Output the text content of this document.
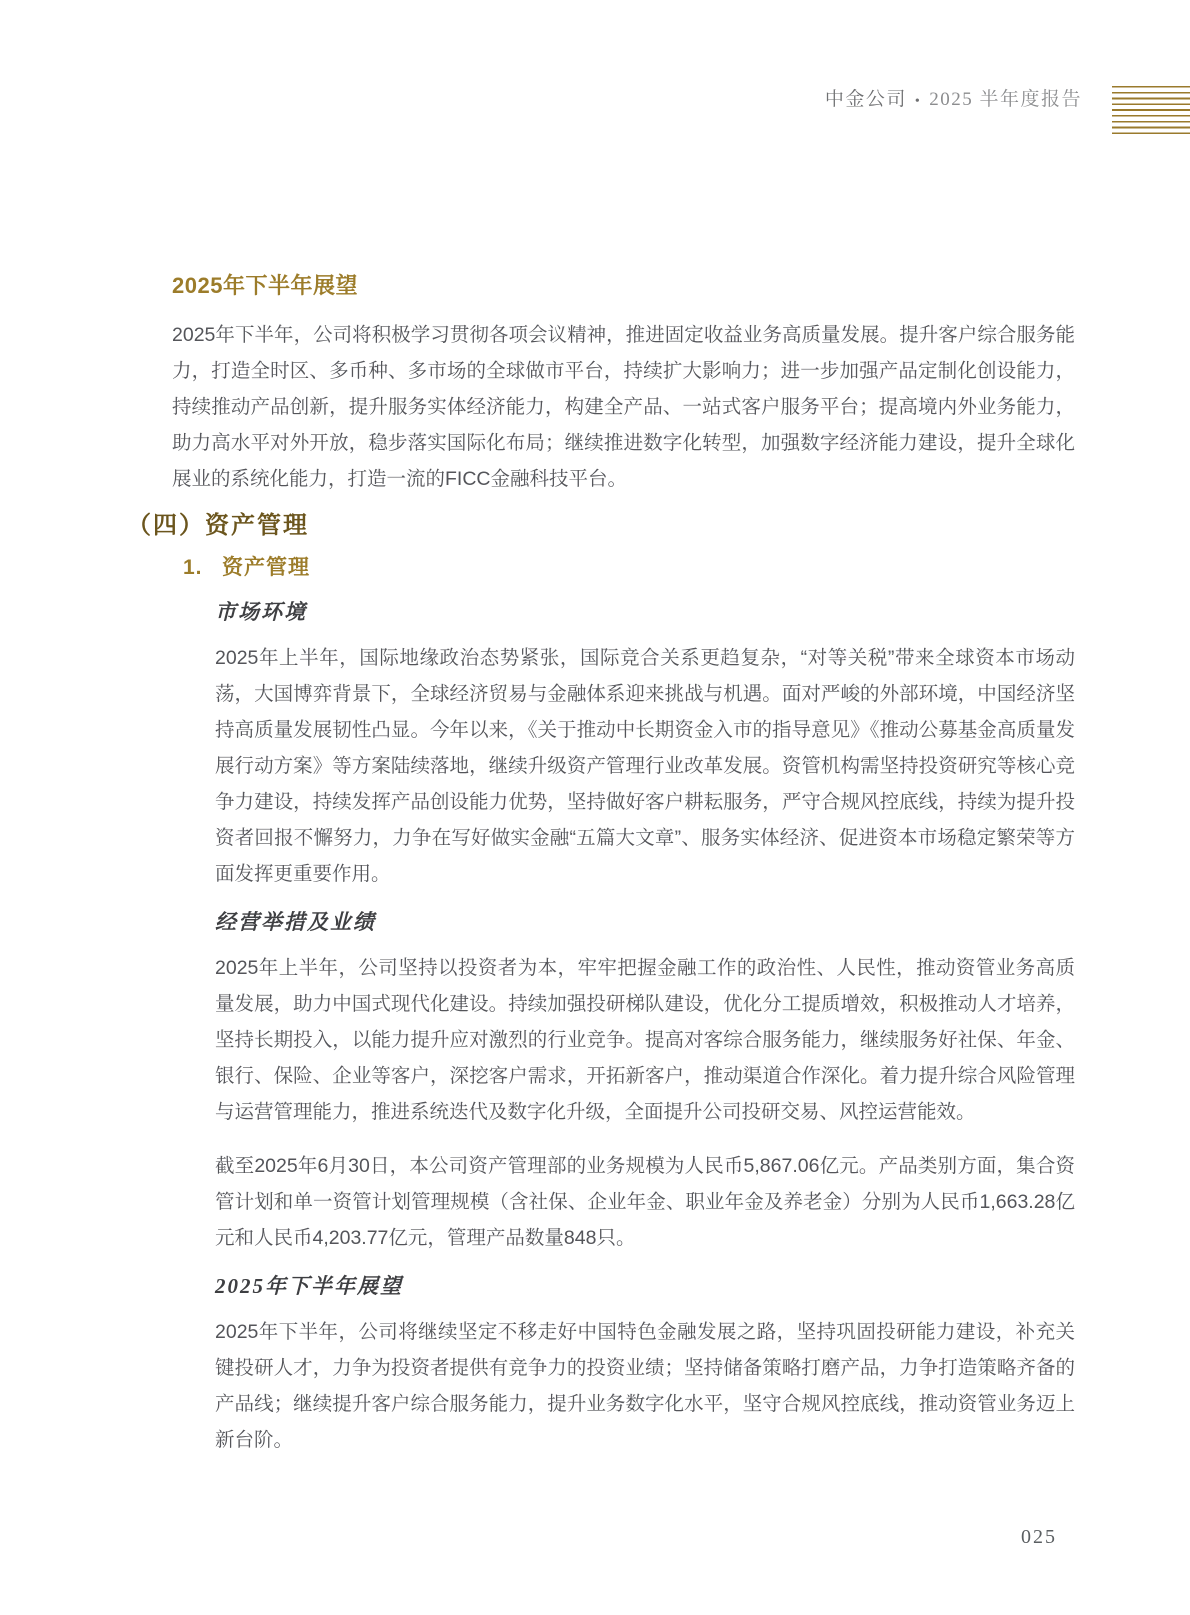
中金公司 • 2025 半年度报告
2025年下半年展望

2025年下半年，公司将积极学习贯彻各项会议精神，推进固定收益业务高质量发展。提升客户综合服务能力，打造全时区、多币种、多市场的全球做市平台，持续扩大影响力；进一步加强产品定制化创设能力，持续推动产品创新，提升服务实体经济能力，构建全产品、一站式客户服务平台；提高境内外业务能力，助力高水平对外开放，稳步落实国际化布局；继续推进数字化转型，加强数字经济能力建设，提升全球化展业的系统化能力，打造一流的FICC金融科技平台。

（四）资产管理
1. 资产管理
市场环境

2025年上半年，国际地缘政治态势紧张，国际竞合关系更趋复杂，“对等关税”带来全球资本市场动荡，大国博弈背景下，全球经济贸易与金融体系迎来挑战与机遇。面对严峻的外部环境，中国经济坚持高质量发展韧性凸显。今年以来，《关于推动中长期资金入市的指导意见》《推动公募基金高质量发展行动方案》等方案陆续落地，继续升级资产管理行业改革发展。资管机构需坚持投资研究等核心竞争力建设，持续发挥产品创设能力优势，坚持做好客户耕耘服务，严守合规风控底线，持续为提升投资者回报不懈努力，力争在写好做实金融“五篇大文章”、服务实体经济、促进资本市场稳定繁荣等方面发挥更重要作用。

经营举措及业绩

2025年上半年，公司坚持以投资者为本，牢牢把握金融工作的政治性、人民性，推动资管业务高质量发展，助力中国式现代化建设。持续加强投研梯队建设，优化分工提质增效，积极推动人才培养，坚持长期投入，以能力提升应对激烈的行业竞争。提高对客综合服务能力，继续服务好社保、年金、银行、保险、企业等客户，深挖客户需求，开拓新客户，推动渠道合作深化。着力提升综合风险管理与运营管理能力，推进系统迭代及数字化升级，全面提升公司投研交易、风控运营能效。

截至2025年6月30日，本公司资产管理部的业务规模为人民币5,867.06亿元。产品类别方面，集合资管计划和单一资管计划管理规模（含社保、企业年金、职业年金及养老金）分别为人民币1,663.28亿元和人民币4,203.77亿元，管理产品数量848只。

2025年下半年展望

2025年下半年，公司将继续坚定不移走好中国特色金融发展之路，坚持巩固投研能力建设，补充关键投研人才，力争为投资者提供有竞争力的投资业绩；坚持储备策略打磨产品，力争打造策略齐备的产品线；继续提升客户综合服务能力，提升业务数字化水平，坚守合规风控底线，推动资管业务迈上新台阶。

025
